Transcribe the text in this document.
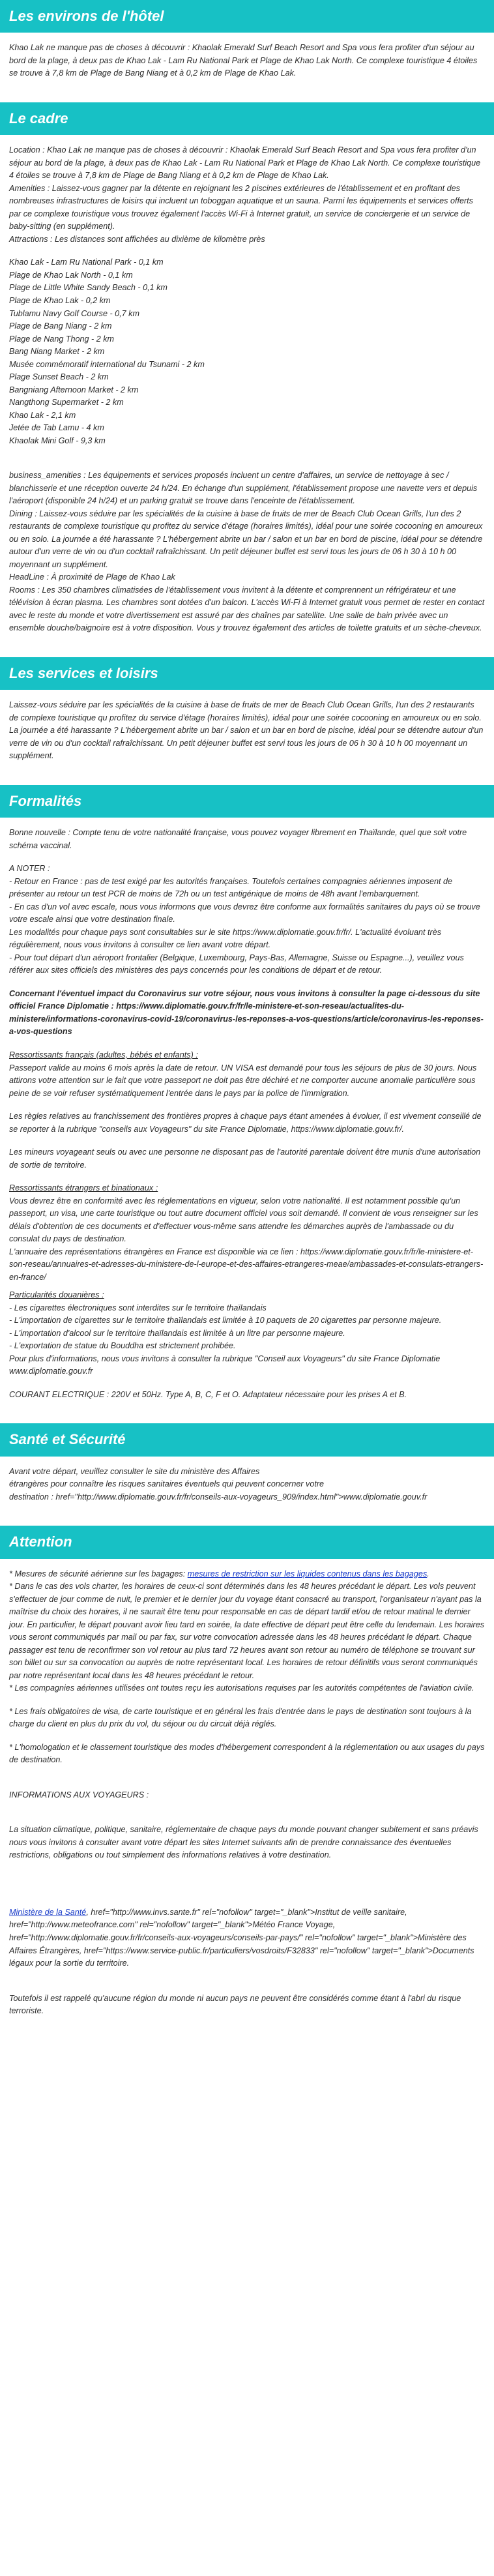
Les environs de l'hôtel

Khao Lak ne manque pas de choses à découvrir : Khaolak Emerald Surf Beach Resort and Spa vous fera profiter d'un séjour au bord de la plage, à deux pas de Khao Lak - Lam Ru National Park et Plage de Khao Lak North. Ce complexe touristique 4 étoiles se trouve à 7,8 km de Plage de Bang Niang et à 0,2 km de Plage de Khao Lak.

Le cadre

Location : Khao Lak ne manque pas de choses à découvrir : Khaolak Emerald Surf Beach Resort and Spa vous fera profiter d'un séjour au bord de la plage, à deux pas de Khao Lak - Lam Ru National Park et Plage de Khao Lak North. Ce complexe touristique 4 étoiles se trouve à 7,8 km de Plage de Bang Niang et à 0,2 km de Plage de Khao Lak.

Amenities : Laissez-vous gagner par la détente en rejoignant les 2 piscines extérieures de l'établissement et en profitant des nombreuses infrastructures de loisirs qui incluent un toboggan aquatique et un sauna. Parmi les équipements et services offerts par ce complexe touristique vous trouvez également l'accès Wi-Fi à Internet gratuit, un service de conciergerie et un service de baby-sitting (en supplément).

Attractions : Les distances sont affichées au dixième de kilomètre près

Khao Lak - Lam Ru National Park - 0,1 km

Plage de Khao Lak North - 0,1 km

Plage de Little White Sandy Beach - 0,1 km

Plage de Khao Lak - 0,2 km

Tublamu Navy Golf Course - 0,7 km

Plage de Bang Niang - 2 km

Plage de Nang Thong - 2 km

Bang Niang Market - 2 km

Musée commémoratif international du Tsunami - 2 km

Plage Sunset Beach - 2 km

Bangniang Afternoon Market - 2 km

Nangthong Supermarket - 2 km

Khao Lak - 2,1 km

Jetée de Tab Lamu - 4 km

Khaolak Mini Golf - 9,3 km

business_amenities : Les équipements et services proposés incluent un centre d'affaires, un service de nettoyage à sec / blanchisserie et une réception ouverte 24 h/24. En échange d'un supplément, l'établissement propose une navette vers et depuis l'aéroport (disponible 24 h/24) et un parking gratuit se trouve dans l'enceinte de l'établissement.

Dining : Laissez-vous séduire par les spécialités de la cuisine à base de fruits de mer de Beach Club Ocean Grills, l'un des 2 restaurants de complexe touristique qu profitez du service d'étage (horaires limités), idéal pour une soirée cocooning en amoureux ou en solo. La journée a été harassante ? L'hébergement abrite un bar / salon et un bar en bord de piscine, idéal pour se détendre autour d'un verre de vin ou d'un cocktail rafraîchissant. Un petit déjeuner buffet est servi tous les jours de 06 h 30 à 10 h 00 moyennant un supplément.

HeadLine : À proximité de Plage de Khao Lak

Rooms : Les 350 chambres climatisées de l'établissement vous invitent à la détente et comprennent un réfrigérateur et une télévision à écran plasma. Les chambres sont dotées d'un balcon. L'accès Wi-Fi à Internet gratuit vous permet de rester en contact avec le reste du monde et votre divertissement est assuré par des chaînes par satellite. Une salle de bain privée avec un ensemble douche/baignoire est à votre disposition. Vous y trouvez également des articles de toilette gratuits et un sèche-cheveux.

Les services et loisirs

Laissez-vous séduire par les spécialités de la cuisine à base de fruits de mer de Beach Club Ocean Grills, l'un des 2 restaurants de complexe touristique qu profitez du service d'étage (horaires limités), idéal pour une soirée cocooning en amoureux ou en solo. La journée a été harassante ? L'hébergement abrite un bar / salon et un bar en bord de piscine, idéal pour se détendre autour d'un verre de vin ou d'un cocktail rafraîchissant. Un petit déjeuner buffet est servi tous les jours de 06 h 30 à 10 h 00 moyennant un supplément.

Formalités

Bonne nouvelle : Compte tenu de votre nationalité française, vous pouvez voyager librement en Thaïlande, quel que soit votre schéma vaccinal.

A NOTER :

- Retour en France : pas de test exigé par les autorités françaises. Toutefois certaines compagnies aériennes imposent de présenter au retour un test PCR de moins de 72h ou un test antigénique de moins de 48h avant l'embarquement.

- En cas d'un vol avec escale, nous vous informons que vous devrez être conforme aux formalités sanitaires du pays où se trouve votre escale ainsi que votre destination finale.

Les modalités pour chaque pays sont consultables sur le site https://www.diplomatie.gouv.fr/fr/. L'actualité évoluant très régulièrement, nous vous invitons à consulter ce lien avant votre départ.

- Pour tout départ d'un aéroport frontalier (Belgique, Luxembourg, Pays-Bas, Allemagne, Suisse ou Espagne...), veuillez vous référer aux sites officiels des ministères des pays concernés pour les conditions de départ et de retour.

Concernant l'éventuel impact du Coronavirus sur votre séjour, nous vous invitons à consulter la page ci-dessous du site officiel France Diplomatie : https://www.diplomatie.gouv.fr/fr/le-ministere-et-son-reseau/actualites-du-ministere/informations-coronavirus-covid-19/coronavirus-les-reponses-a-vos-questions/article/coronavirus-les-reponses-a-vos-questions

Ressortissants français (adultes, bébés et enfants) :

Passeport valide au moins 6 mois après la date de retour. UN VISA est demandé pour tous les séjours de plus de 30 jours. Nous attirons votre attention sur le fait que votre passeport ne doit pas être déchiré et ne comporter aucune anomalie particulière sous peine de se voir refuser systématiquement l'entrée dans le pays par la police de l'immigration.

Les règles relatives au franchissement des frontières propres à chaque pays étant amenées à évoluer, il est vivement conseillé de se reporter à la rubrique "conseils aux Voyageurs" du site France Diplomatie, https://www.diplomatie.gouv.fr/.

Les mineurs voyageant seuls ou avec une personne ne disposant pas de l'autorité parentale doivent être munis d'une autorisation de sortie de territoire.

Ressortissants étrangers et binationaux :

Vous devrez être en conformité avec les réglementations en vigueur, selon votre nationalité. Il est notamment possible qu'un passeport, un visa, une carte touristique ou tout autre document officiel vous soit demandé. Il convient de vous renseigner sur les délais d'obtention de ces documents et d'effectuer vous-même sans attendre les démarches auprès de l'ambassade ou du consulat du pays de destination.

L'annuaire des représentations étrangères en France est disponible via ce lien : https://www.diplomatie.gouv.fr/fr/le-ministere-et-son-reseau/annuaires-et-adresses-du-ministere-de-l-europe-et-des-affaires-etrangeres-meae/ambassades-et-consulats-etrangers-en-france/

Particularités douanières :

- Les cigarettes électroniques sont interdites sur le territoire thaïlandais

- L'importation de cigarettes sur le territoire thaïlandais est limitée à 10 paquets de 20 cigarettes par personne majeure.

- L'importation d'alcool sur le territoire thaïlandais est limitée à un litre par personne majeure.

- L'exportation de statue du Bouddha est strictement prohibée.

Pour plus d'informations, nous vous invitons à consulter la rubrique "Conseil aux Voyageurs" du site France Diplomatie www.diplomatie.gouv.fr

COURANT ELECTRIQUE : 220V et 50Hz. Type A, B, C, F et O. Adaptateur nécessaire pour les prises A et B.

Santé et Sécurité

Avant votre départ, veuillez consulter le site du ministère des Affaires

étrangères pour connaître les risques sanitaires éventuels qui peuvent concerner votre

destination : href="http://www.diplomatie.gouv.fr/fr/conseils-aux-voyageurs_909/index.html">www.diplomatie.gouv.fr

Attention

* Mesures de sécurité aérienne sur les bagages: mesures de restriction sur les liquides contenus dans les bagages.

* Dans le cas des vols charter, les horaires de ceux-ci sont déterminés dans les 48 heures précédant le départ. Les vols peuvent s'effectuer de jour comme de nuit, le premier et le dernier jour du voyage étant consacré au transport, l'organisateur n'ayant pas la maîtrise du choix des horaires, il ne saurait être tenu pour responsable en cas de départ tardif et/ou de retour matinal le dernier jour. En particulier, le départ pouvant avoir lieu tard en soirée, la date effective de départ peut être celle du lendemain. Les horaires vous seront communiqués par mail ou par fax, sur votre convocation adressée dans les 48 heures précédant le départ. Chaque passager est tenu de reconfirmer son vol retour au plus tard 72 heures avant son retour au numéro de téléphone se trouvant sur son billet ou sur sa convocation ou auprès de notre représentant local. Les horaires de retour définitifs vous seront communiqués par notre représentant local dans les 48 heures précédant le retour.

* Les compagnies aériennes utilisées ont toutes reçu les autorisations requises par les autorités compétentes de l'aviation civile.

* Les frais obligatoires de visa, de carte touristique et en général les frais d'entrée dans le pays de destination sont toujours à la charge du client en plus du prix du vol, du séjour ou du circuit déjà réglés.

* L'homologation et le classement touristique des modes d'hébergement correspondent à la réglementation ou aux usages du pays de destination.

INFORMATIONS AUX VOYAGEURS :

La situation climatique, politique, sanitaire, réglementaire de chaque pays du monde pouvant changer subitement et sans préavis

nous vous invitons à consulter avant votre départ les sites Internet suivants afin de prendre connaissance des éventuelles restrictions, obligations ou tout simplement des informations relatives à votre destination.

Ministère de la Santé, href="http://www.invs.sante.fr" rel="nofollow" target="_blank">Institut de veille sanitaire, href="http://www.meteofrance.com" rel="nofollow" target="_blank">Météo France Voyage, href="http://www.diplomatie.gouv.fr/fr/conseils-aux-voyageurs/conseils-par-pays/" rel="nofollow" target="_blank">Ministère des Affaires Étrangères, href="https://www.service-public.fr/particuliers/vosdroits/F32833" rel="nofollow" target="_blank">Documents légaux pour la sortie du territoire.

Toutefois il est rappelé qu'aucune région du monde ni aucun pays ne peuvent être considérés comme étant à l'abri du risque terroriste.
